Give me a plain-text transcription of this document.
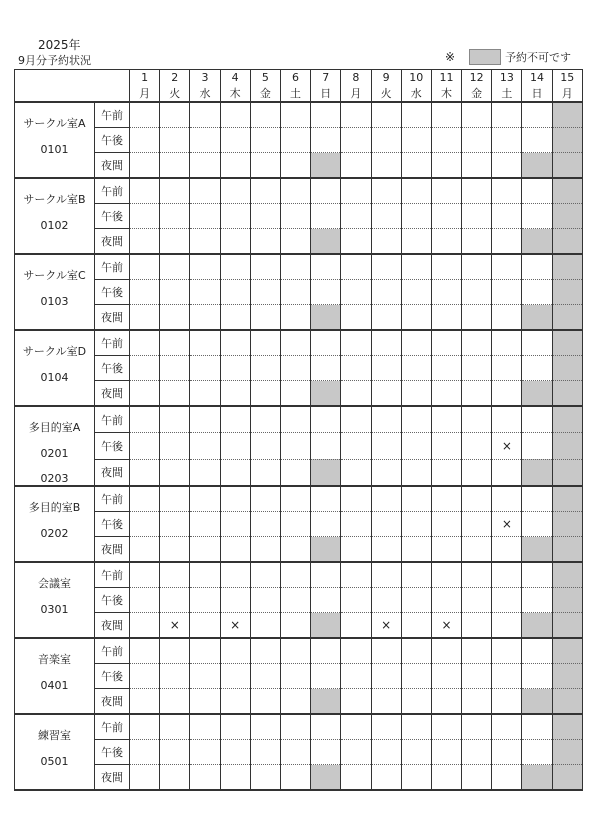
2025年
9月分予約状況	※	予約不可です
		1	2	3	4	5	6	7	8	9	10	11	12	13	14	15
		月	火	水	木	金	土	日	月	火	水	木	金	土	日	月

サークル室A
0101	午前															
	午後															
	夜間															

サークル室B
0102	午前															
	午後															
	夜間															

サークル室C
0103	午前															
	午後															
	夜間															

サークル室D
0104	午前															
	午後															
	夜間															

多目的室A
0201
0203	午前															
	午後													×		
	夜間															

多目的室B
0202	午前															
	午後													×		
	夜間															

会議室
0301	午前															
	午後															
	夜間		×		×					×		×				

音楽室
0401	午前															
	午後															
	夜間															

練習室
0501	午前															
	午後															
	夜間															
